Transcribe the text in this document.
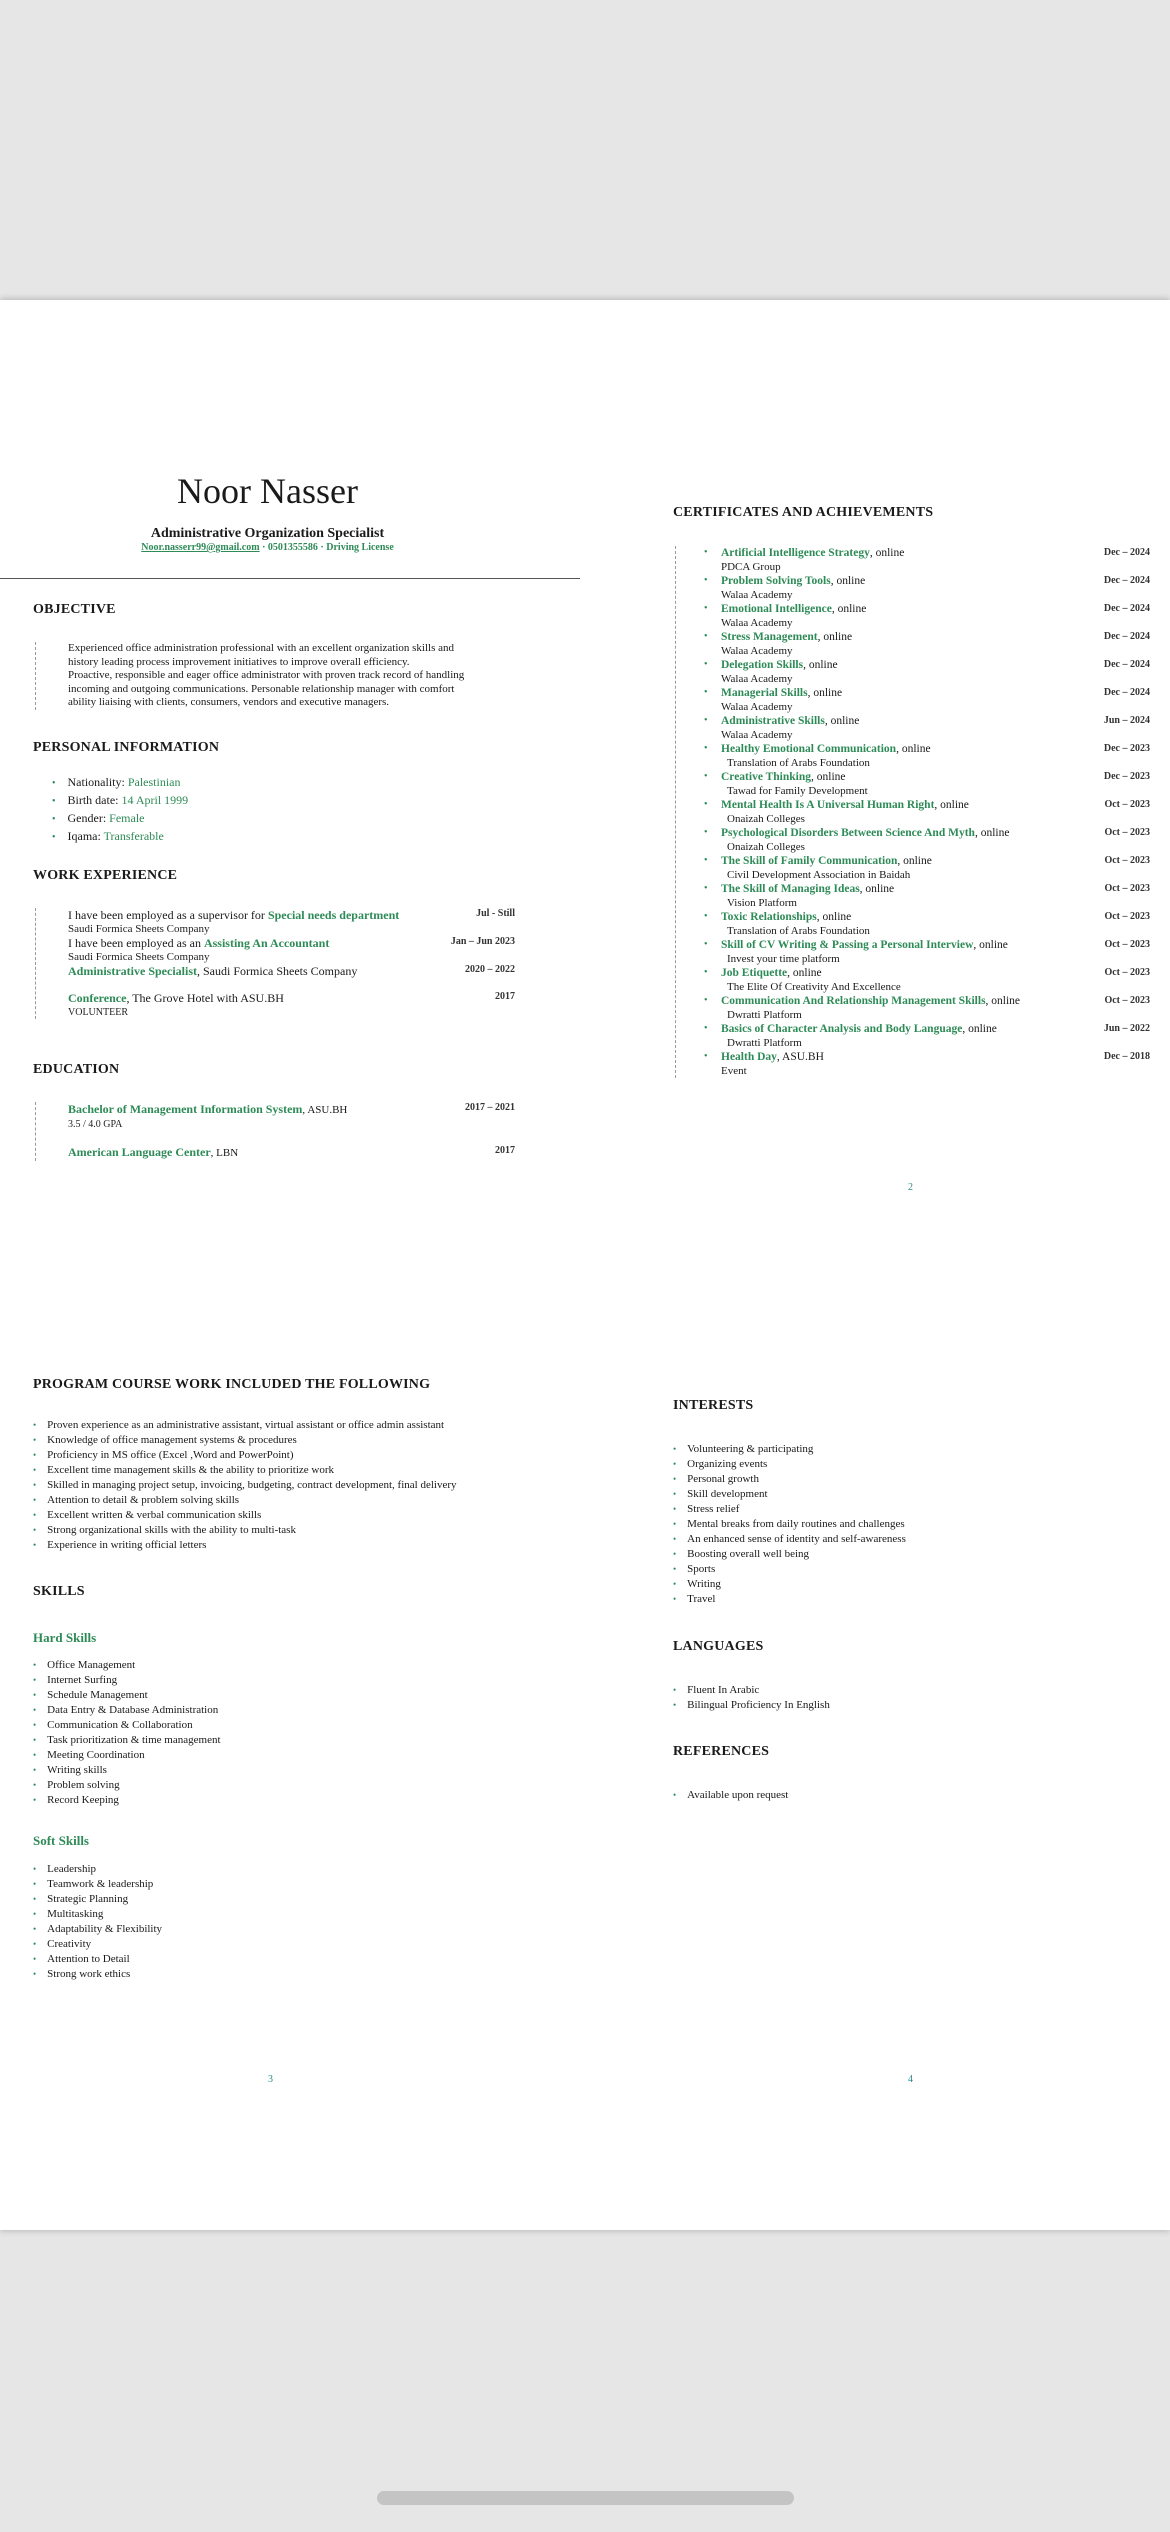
Noor Nasser
Administrative Organization Specialist
Noor.nasserr99@gmail.com · 0501355586 · Driving License
OBJECTIVE
Experienced office administration professional with an excellent organization skills and
history leading process improvement initiatives to improve overall efficiency.
Proactive, responsible and eager office administrator with proven track record of handling
incoming and outgoing communications. Personable relationship manager with comfort
ability liaising with clients, consumers, vendors and executive managers.
PERSONAL INFORMATION
• Nationality: Palestinian
• Birth date: 14 April 1999
• Gender: Female
• Iqama: Transferable
WORK EXPERIENCE
I have been employed as a supervisor for Special needs department
Saudi Formica Sheets Company
Jul - Still
I have been employed as an Assisting An Accountant
Saudi Formica Sheets Company
Jan – Jun 2023
Administrative Specialist, Saudi Formica Sheets Company	2020 – 2022
Conference, The Grove Hotel with ASU.BH
VOLUNTEER
2017
EDUCATION
Bachelor of Management Information System, ASU.BH
3.5 / 4.0 GPA
2017 – 2021
American Language Center, LBN	2017
CERTIFICATES AND ACHIEVEMENTS
• Artificial Intelligence Strategy, online
PDCA Group
Dec – 2024
• Problem Solving Tools, online
Walaa Academy
Dec – 2024
• Emotional Intelligence, online
Walaa Academy
Dec – 2024
• Stress Management, online
Walaa Academy
Dec – 2024
• Delegation Skills, online
Walaa Academy
Dec – 2024
• Managerial Skills, online
Walaa Academy
Dec – 2024
• Administrative Skills, online
Walaa Academy
Jun – 2024
• Healthy Emotional Communication, online
Translation of Arabs Foundation
Dec – 2023
• Creative Thinking, online
Tawad for Family Development
Dec – 2023
• Mental Health Is A Universal Human Right, online
Onaizah Colleges
Oct – 2023
• Psychological Disorders Between Science And Myth, online
Onaizah Colleges
Oct – 2023
• The Skill of Family Communication, online
Civil Development Association in Baidah
Oct – 2023
• The Skill of Managing Ideas, online
Vision Platform
Oct – 2023
• Toxic Relationships, online
Translation of Arabs Foundation
Oct – 2023
• Skill of CV Writing & Passing a Personal Interview, online
Invest your time platform
Oct – 2023
• Job Etiquette, online
The Elite Of Creativity And Excellence
Oct – 2023
• Communication And Relationship Management Skills, online
Dwratti Platform
Oct – 2023
• Basics of Character Analysis and Body Language, online
Dwratti Platform
Jun – 2022
• Health Day, ASU.BH
Event
Dec – 2018
2
PROGRAM COURSE WORK INCLUDED THE FOLLOWING
• Proven experience as an administrative assistant, virtual assistant or office admin assistant
• Knowledge of office management systems & procedures
• Proficiency in MS office (Excel ,Word and PowerPoint)
• Excellent time management skills & the ability to prioritize work
• Skilled in managing project setup, invoicing, budgeting, contract development, final delivery
• Attention to detail & problem solving skills
• Excellent written & verbal communication skills
• Strong organizational skills with the ability to multi-task
• Experience in writing official letters
SKILLS
Hard Skills
• Office Management
• Internet Surfing
• Schedule Management
• Data Entry & Database Administration
• Communication & Collaboration
• Task prioritization & time management
• Meeting Coordination
• Writing skills
• Problem solving
• Record Keeping
Soft Skills
• Leadership
• Teamwork & leadership
• Strategic Planning
• Multitasking
• Adaptability & Flexibility
• Creativity
• Attention to Detail
• Strong work ethics
3
INTERESTS
• Volunteering & participating
• Organizing events
• Personal growth
• Skill development
• Stress relief
• Mental breaks from daily routines and challenges
• An enhanced sense of identity and self-awareness
• Boosting overall well being
• Sports
• Writing
• Travel
LANGUAGES
• Fluent In Arabic
• Bilingual Proficiency In English
REFERENCES
• Available upon request
4
